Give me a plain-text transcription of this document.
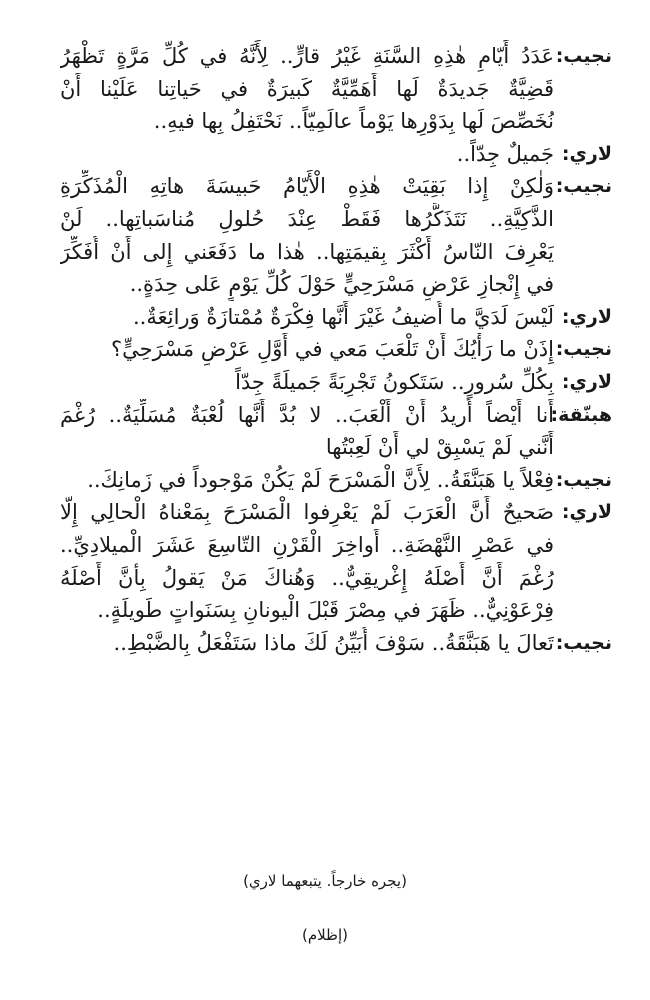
نجيب:
عَدَدُ أَيّامِ هٰذِهِ السَّنَةِ غَيْرُ قارٍّ.. لِأَنَّهُ في كُلِّ مَرَّةٍ تَظْهَرُ
قَضِيَّةٌ جَديدَةٌ لَها أَهَمِّيَّةٌ كَبيرَةٌ في حَياتِنا عَلَيْنا أَنْ
نُخَصِّصَ لَها بِدَوْرِها يَوْماً عالَمِيّاً.. نَحْتَفِلُ بِها فيهِ..
لاري:
جَميلٌ جِدّاً..
نجيب:
وَلٰكِنْ إِذا بَقِيَتْ هٰذِهِ الْأَيّامُ حَبيسَةَ هاتِهِ الْمُذَكِّرَةِ
الذَّكِيَّةِ.. نَتَذَكَّرُها فَقَطْ عِنْدَ حُلولِ مُناسَباتِها.. لَنْ
يَعْرِفَ النّاسُ أَكْثَرَ بِقيمَتِها.. هٰذا ما دَفَعَني إِلى أَنْ أُفَكِّرَ
في إِنْجازِ عَرْضٍ مَسْرَحِيٍّ حَوْلَ كُلِّ يَوْمٍ عَلى حِدَةٍ..
لاري:
لَيْسَ لَدَيَّ ما أُضيفُ غَيْرَ أَنَّها فِكْرَةٌ مُمْتازَةٌ وَرائِعَةٌ..
نجيب:
إِذَنْ ما رَأْيُكَ أَنْ تَلْعَبَ مَعي في أَوَّلِ عَرْضٍ مَسْرَحِيٍّ؟
لاري:
بِكُلِّ سُرورٍ.. سَتَكونُ تَجْرِبَةً جَميلَةً جِدّاً
هبنّقة:
أَنا أَيْضاً أُريدُ أَنْ أَلْعَبَ.. لا بُدَّ أَنَّها لُعْبَةٌ مُسَلِّيَةٌ.. رُغْمَ
أَنَّني لَمْ يَسْبِقْ لي أَنْ لَعِبْتُها
نجيب:
فِعْلاً يا هَبَنَّقَةُ.. لِأَنَّ الْمَسْرَحَ لَمْ يَكُنْ مَوْجوداً في زَمانِكَ..
لاري:
صَحيحٌ أَنَّ الْعَرَبَ لَمْ يَعْرِفوا الْمَسْرَحَ بِمَعْناهُ الْحالِي إِلّا
في عَصْرِ النَّهْضَةِ.. أَواخِرَ الْقَرْنِ التّاسِعَ عَشَرَ الْميلادِيِّ..
رُغْمَ أَنَّ أَصْلَهُ إِغْريقِيٌّ.. وَهُناكَ مَنْ يَقولُ بِأَنَّ أَصْلَهُ
فِرْعَوْنِيٌّ.. ظَهَرَ في مِصْرَ قَبْلَ الْيونانِ بِسَنَواتٍ طَويلَةٍ..
نجيب:
تَعالَ يا هَبَنَّقَةُ.. سَوْفَ أُبَيِّنُ لَكَ ماذا سَتَفْعَلُ بِالضَّبْطِ..
(يجره خارجاً. يتبعهما لاري)
(إظلام)
